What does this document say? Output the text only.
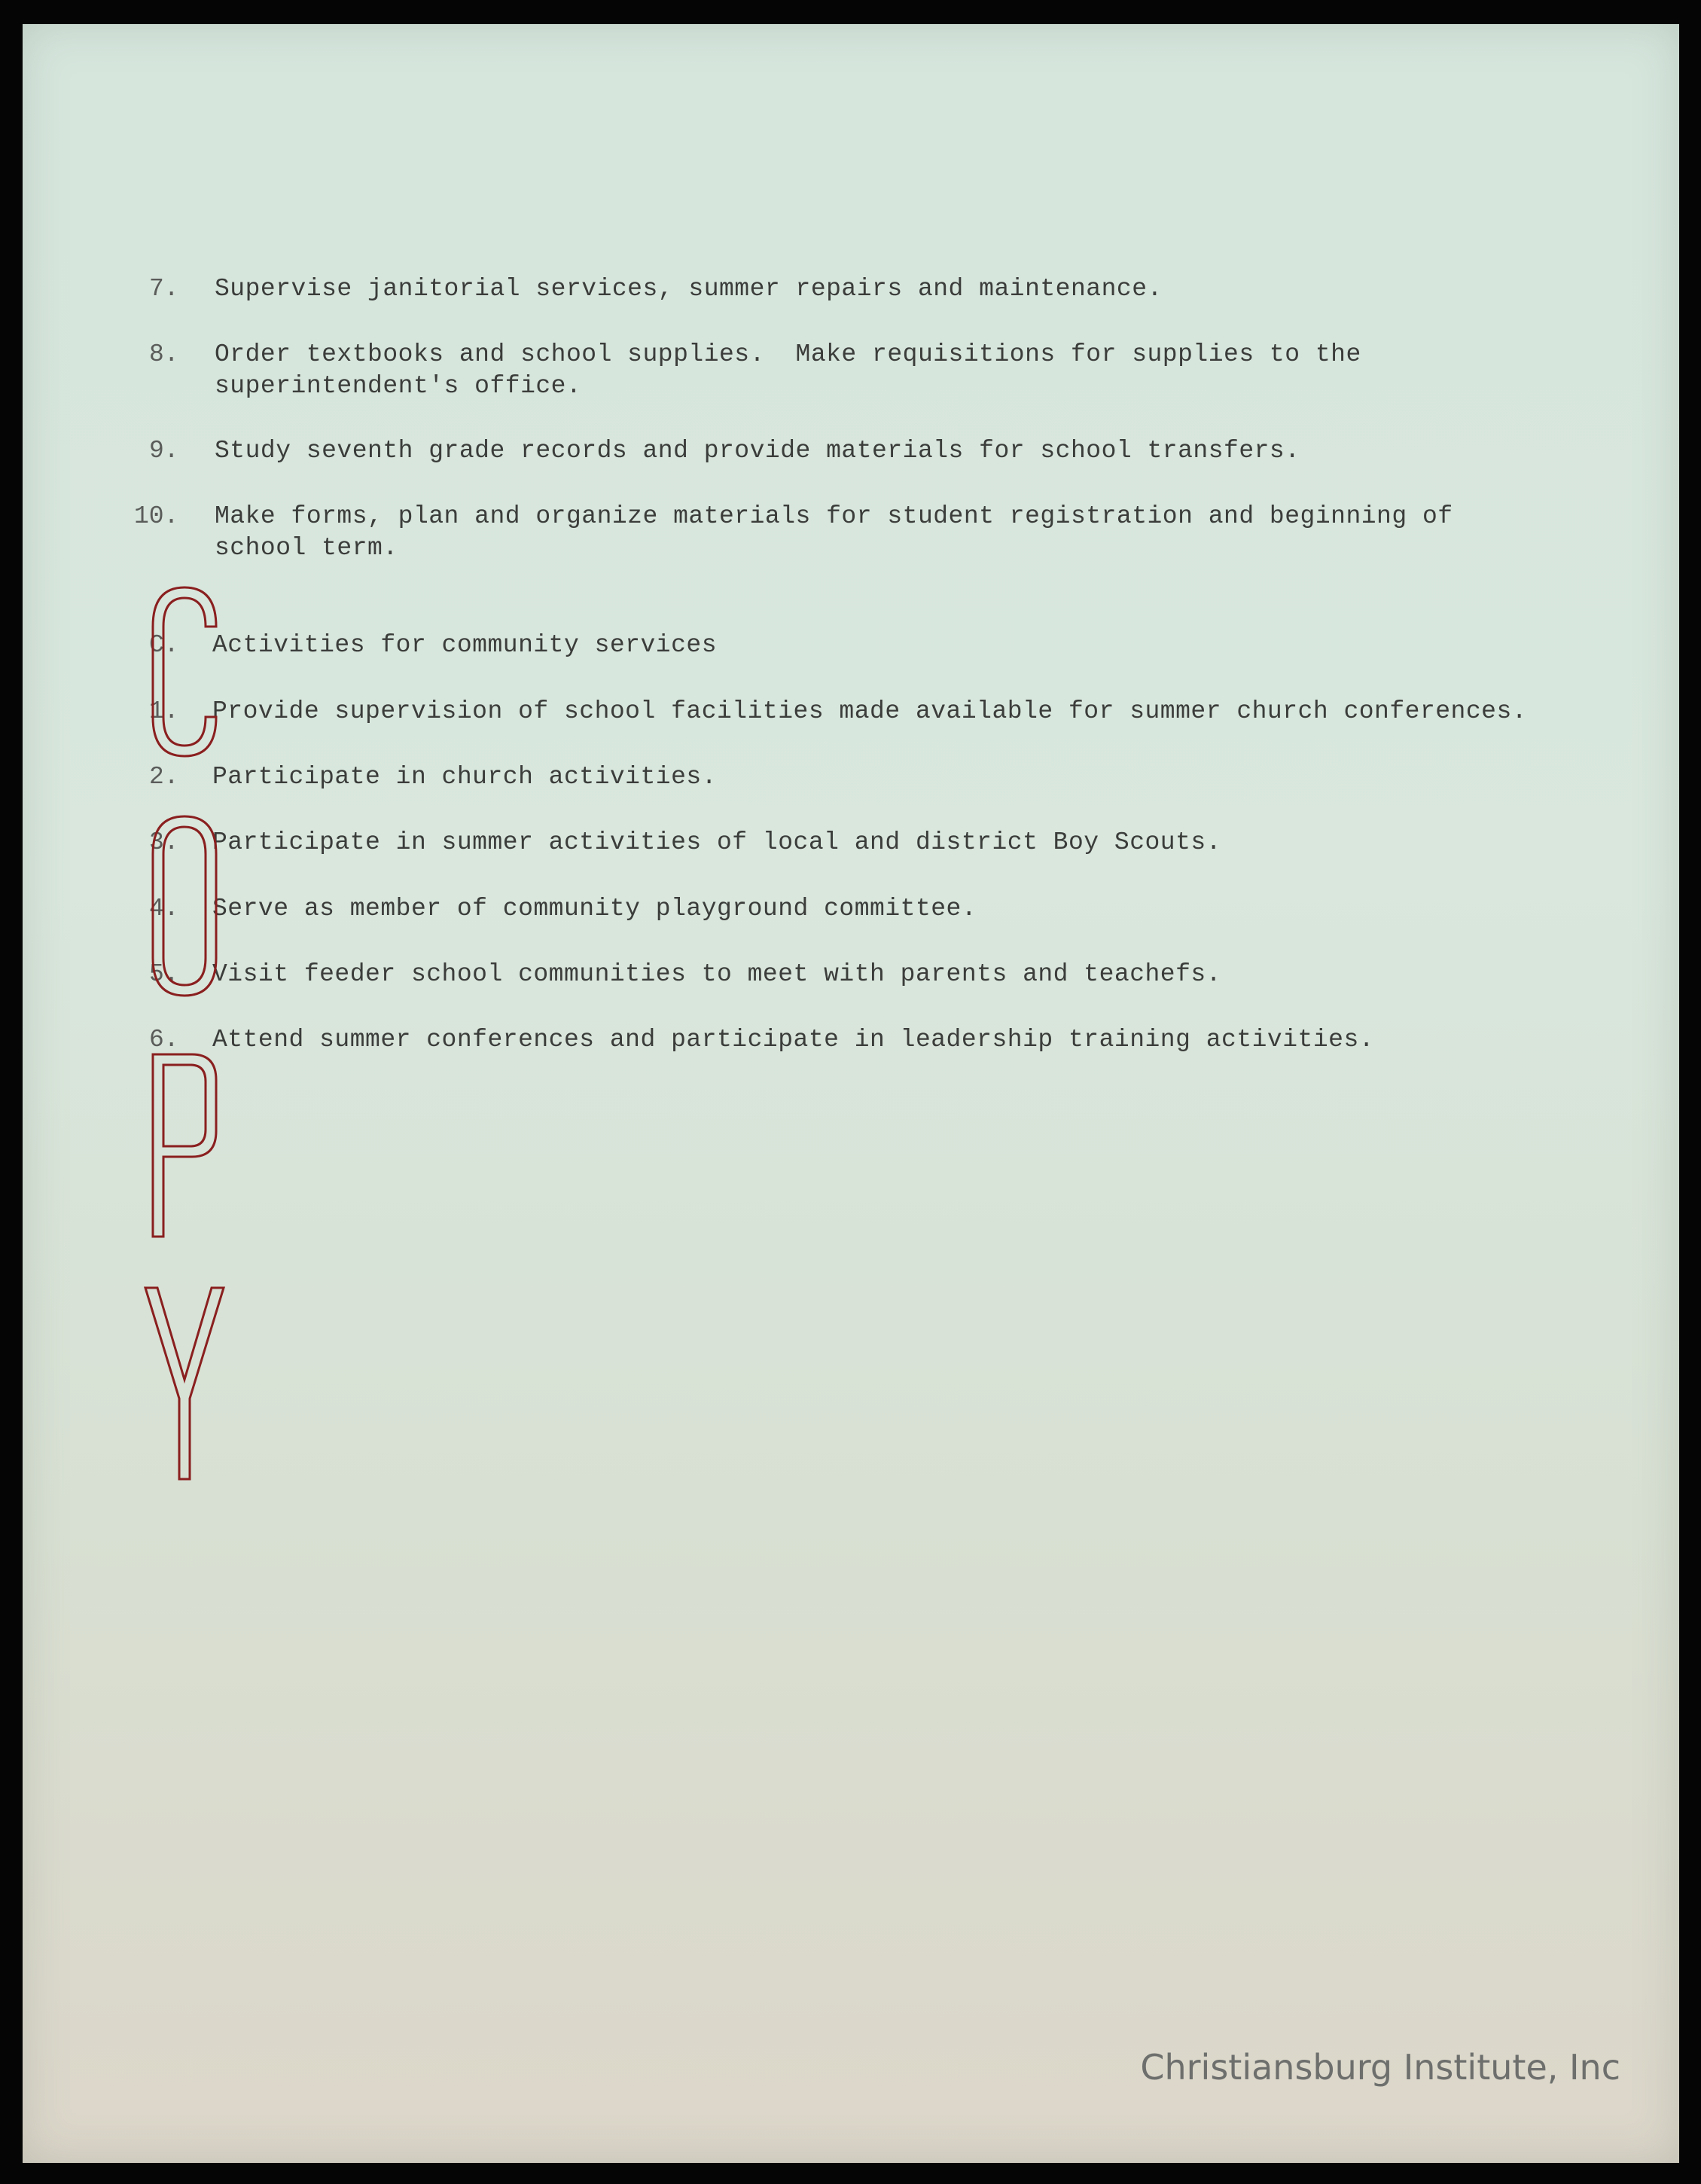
7. Supervise janitorial services, summer repairs and maintenance.
8. Order textbooks and school supplies.  Make requisitions for supplies to the
superintendent's office.
9. Study seventh grade records and provide materials for school transfers.
10. Make forms, plan and organize materials for student registration and beginning of
school term.
C. Activities for community services
1. Provide supervision of school facilities made available for summer church conferences.
2. Participate in church activities.
3. Participate in summer activities of local and district Boy Scouts.
4. Serve as member of community playground committee.
5. Visit feeder school communities to meet with parents and teachefs.
6. Attend summer conferences and participate in leadership training activities.
Christiansburg Institute, Inc
